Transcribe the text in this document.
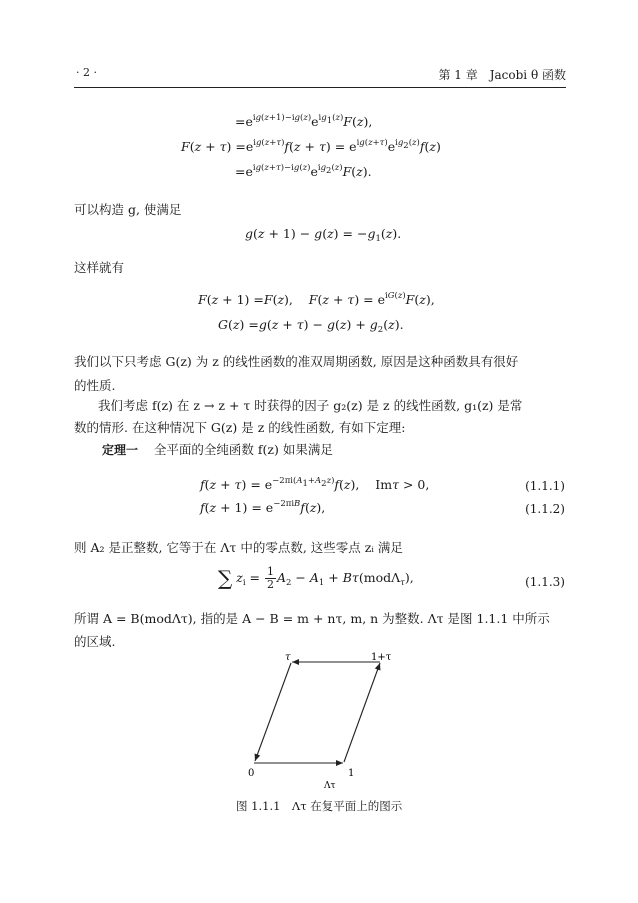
· 2 ·	第 1 章　Jacobi θ 函数
$=e^{ig(z+1)-ig(z)}e^{ig_1(z)}F(z)$,
$F(z + \tau) =e^{ig(z+\tau)}f(z + \tau) = e^{ig(z+\tau)}e^{ig_2(z)}f(z)$
$=e^{ig(z+\tau)-ig(z)}e^{ig_2(z)}F(z)$.
可以构造 g, 使满足
$g(z + 1) - g(z) = -g_1(z)$.
这样就有
F(z + 1) =F(z),    $F(z + \tau) = e^{iG(z)}F(z)$,
$G(z) =g(z + \tau) - g(z) + g_2(z)$.
我们以下只考虑 G(z) 为 z 的线性函数的准双周期函数, 原因是这种函数具有很好
的性质.
我们考虑 f(z) 在 z → z + τ 时获得的因子 g₂(z) 是 z 的线性函数, g₁(z) 是常
数的情形. 在这种情况下 G(z) 是 z 的线性函数, 有如下定理:
定理一 全平面的全纯函数 f(z) 如果满足
$f(z + \tau) = e^{-2\pi i(A_1+A_2z)}f(z)$,    Imτ > 0,	(1.1.1)
$f(z + 1) = e^{-2\pi iB}f(z)$,	(1.1.2)
则 A₂ 是正整数, 它等于在 Λτ 中的零点数, 这些零点 zᵢ 满足
∑ $z_i = \frac{1}{2} A_2 - A_1 + B\tau(mod\Lambda_\tau)$,	(1.1.3)
所谓 A = B(modΛτ), 指的是 A − B = m + nτ, m, n 为整数. Λτ 是图 1.1.1 中所示
的区域.
τ	1+τ
0	1
Λτ
图 1.1.1　Λτ 在复平面上的图示
